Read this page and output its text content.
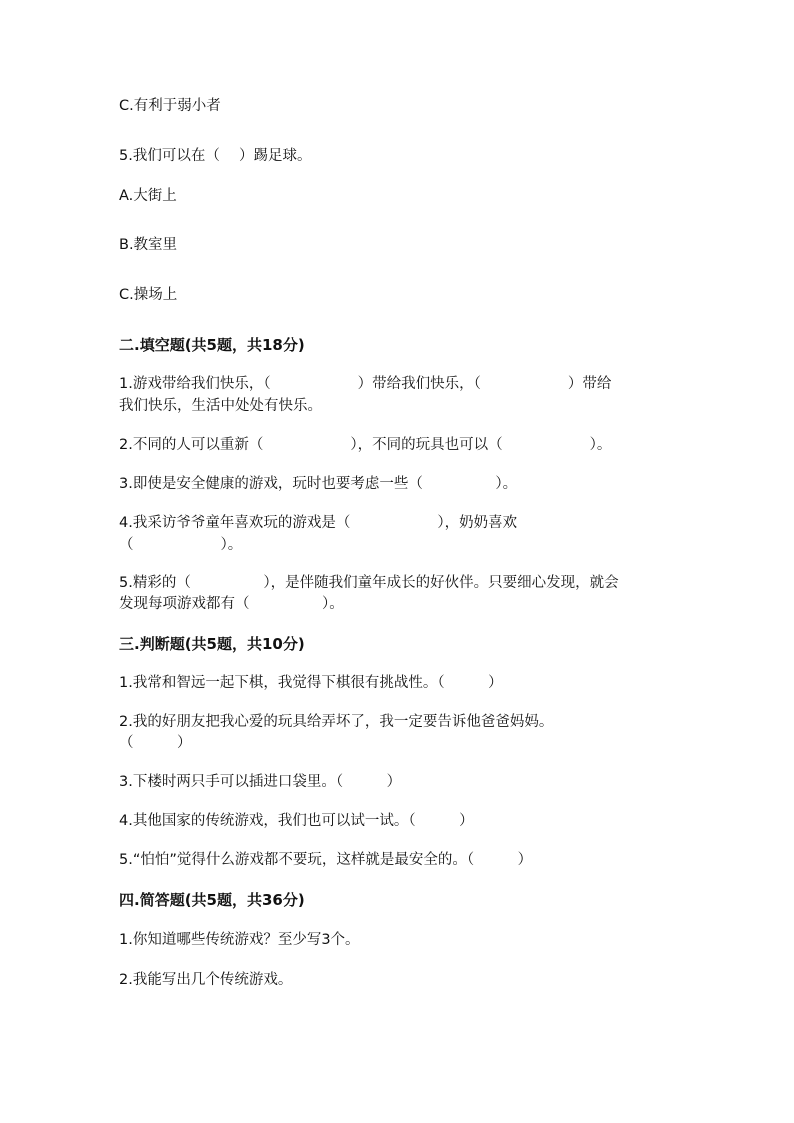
C.有利于弱小者
5.我们可以在（　 ）踢足球。
A.大街上
B.教室里
C.操场上
二.填空题(共5题，共18分)
1.游戏带给我们快乐，（　　　　　　）带给我们快乐，（　　　　　　）带给
我们快乐，生活中处处有快乐。
2.不同的人可以重新（　　　　　　），不同的玩具也可以（　　　　　　）。
3.即使是安全健康的游戏，玩时也要考虑一些（　　　　　）。
4.我采访爷爷童年喜欢玩的游戏是（　　　　　　），奶奶喜欢
（　　　　　　）。
5.精彩的（　　　　　），是伴随我们童年成长的好伙伴。只要细心发现，就会
发现每项游戏都有（　　　　　）。
三.判断题(共5题，共10分)
1.我常和智远一起下棋，我觉得下棋很有挑战性。（　　　）
2.我的好朋友把我心爱的玩具给弄坏了，我一定要告诉他爸爸妈妈。
（　　　）
3.下楼时两只手可以插进口袋里。（　　　）
4.其他国家的传统游戏，我们也可以试一试。（　　　）
5.“怕怕”觉得什么游戏都不要玩，这样就是最安全的。（　　　）
四.简答题(共5题，共36分)
1.你知道哪些传统游戏？至少写3个。
2.我能写出几个传统游戏。
